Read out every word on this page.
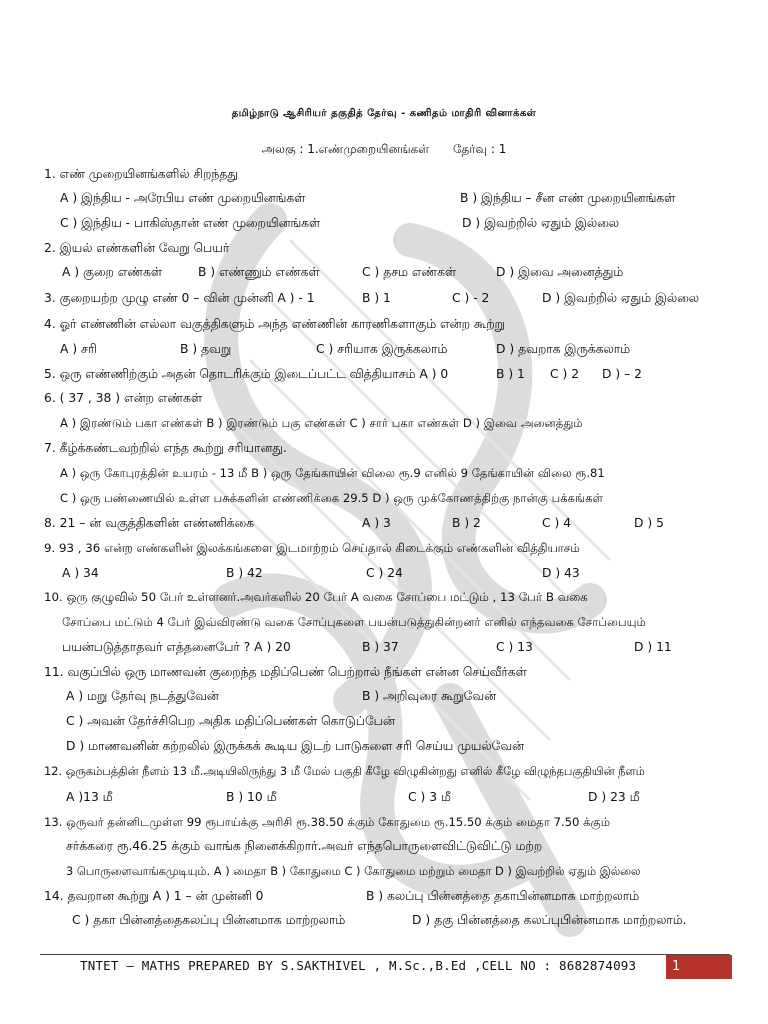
தமிழ்நாடு ஆசிரியர் தகுதித் தேர்வு - கணிதம் மாதிரி வினாக்கள்
அலகு : 1.எண்முறையினங்கள் தேர்வு : 1
1. எண் முறையினங்களில் சிறந்தது
A ) இந்திய - அரேபிய எண் முறையினங்கள்	B ) இந்திய – சீன எண் முறையினங்கள்
C ) இந்திய - பாகிஸ்தான் எண் முறையினங்கள்	D ) இவற்றில் ஏதும் இல்லை
2. இயல் எண்களின் வேறு பெயர்
A ) குறை எண்கள்	B ) எண்ணும் எண்கள்	C ) தசம எண்கள்	D ) இவை அனைத்தும்
3. குறையற்ற முழு எண் 0 – வின் முன்னி A ) - 1	B ) 1	C ) - 2	D ) இவற்றில் ஏதும் இல்லை
4. ஓர் எண்ணின் எல்லா வகுத்திகளும் அந்த எண்ணின் காரணிகளாகும் என்ற கூற்று
A ) சரி	B ) தவறு	C ) சரியாக இருக்கலாம்	D ) தவறாக இருக்கலாம்
5. ஒரு எண்ணிற்கும் அதன் தொடரிக்கும் இடைப்பட்ட வித்தியாசம் A ) 0	B ) 1 C ) 2 D ) – 2
6. ( 37 , 38 ) என்ற எண்கள்
A ) இரண்டும் பகா எண்கள் B ) இரண்டும் பகு எண்கள் C ) சார் பகா எண்கள் D ) இவை அனைத்தும்
7. கீழ்க்கண்டவற்றில் எந்த கூற்று சரியானது.
A ) ஒரு கோபுரத்தின் உயரம் - 13 மீ B ) ஒரு தேங்காயின் விலை ரூ.9 எனில் 9 தேங்காயின் விலை ரூ.81
C ) ஒரு பண்ணையில் உள்ள பசுக்களின் எண்ணிக்கை 29.5 D ) ஒரு முக்கோணத்திற்கு நான்கு பக்கங்கள்
8. 21 – ன் வகுத்திகளின் எண்ணிக்கை	A ) 3	B ) 2	C ) 4	D ) 5
9. 93 , 36 என்ற எண்களின் இலக்கங்களை இடமாற்றம் செய்தால் கிடைக்கும் எண்களின் வித்தியாசம்
A ) 34	B ) 42	C ) 24	D ) 43
10. ஒரு குழுவில் 50 பேர் உள்ளனர்.அவர்களில் 20 பேர் A வகை சோப்பை மட்டும் , 13 பேர் B வகை
சோப்பை மட்டும் 4 பேர் இவ்விரண்டு வகை சோப்புகளை பயன்படுத்துகின்றனர் எனில் எந்தவகை சோப்பையும்
பயன்படுத்தாதவர் எத்தனைபேர் ? A ) 20	B ) 37	C ) 13	D ) 11
11. வகுப்பில் ஒரு மாணவன் குறைந்த மதிப்பெண் பெற்றால் நீங்கள் என்ன செய்வீர்கள்
A ) மறு தேர்வு நடத்துவேன்	B ) அறிவுரை கூறுவேன்
C ) அவன் தேர்ச்சிபெற அதிக மதிப்பெண்கள் கொடுப்பேன்
D ) மாணவனின் கற்றலில் இருக்கக் கூடிய இடற் பாடுகளை சரி செய்ய முயல்வேன்
12. ஒருகம்பத்தின் நீளம் 13 மீ.அடியிலிருந்து 3 மீ மேல் பகுதி கீழே விழுகின்றது எனில் கீழே விழுந்தபகுதியின் நீளம்
A )13 மீ	B ) 10 மீ	C ) 3 மீ	D ) 23 மீ
13. ஒருவர் தன்னிடமுள்ள 99 ரூபாய்க்கு அரிசி ரூ.38.50 க்கும் கோதுமை ரூ.15.50 க்கும் மைதா 7.50 க்கும்
சர்க்கரை ரூ.46.25 க்கும் வாங்க நினைக்கிறார்.அவர் எந்தபொருளைவிட்டுவிட்டு மற்ற
3 பொருளைவாங்கமுடியும். A ) மைதா B ) கோதுமை C ) கோதுமை மற்றும் மைதா D ) இவற்றில் ஏதும் இல்லை
14. தவறான கூற்று A ) 1 – ன் முன்னி 0	B ) கலப்பு பின்னத்தை தகாபின்னமாக மாற்றலாம்
C ) தகா பின்னத்தைகலப்பு பின்னமாக மாற்றலாம்	D ) தகு பின்னத்தை கலப்புபின்னமாக மாற்றலாம்.
TNTET – MATHS PREPARED BY S.SAKTHIVEL , M.Sc.,B.Ed ,CELL NO : 8682874093	1
